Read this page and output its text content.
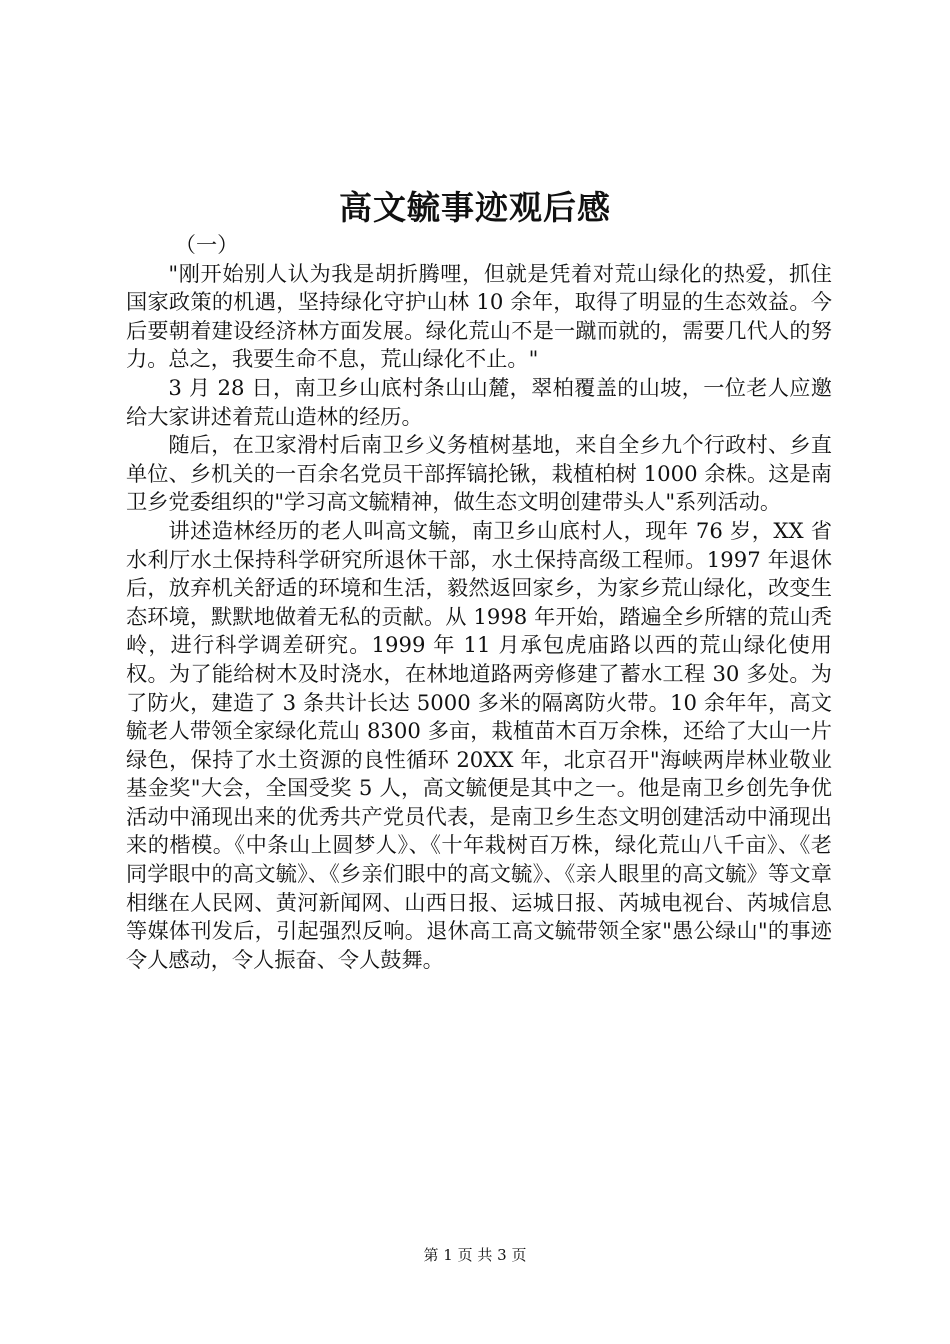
高文毓事迹观后感
（一）

"刚开始别人认为我是胡折腾哩，但就是凭着对荒山绿化的热爱，抓住国家政策的机遇，坚持绿化守护山林 10 余年，取得了明显的生态效益。今后要朝着建设经济林方面发展。绿化荒山不是一蹴而就的，需要几代人的努力。总之，我要生命不息，荒山绿化不止。"

3 月 28 日，南卫乡山底村条山山麓，翠柏覆盖的山坡，一位老人应邀给大家讲述着荒山造林的经历。

随后，在卫家滑村后南卫乡义务植树基地，来自全乡九个行政村、乡直单位、乡机关的一百余名党员干部挥镐抡锹，栽植柏树 1000 余株。这是南卫乡党委组织的"学习高文毓精神，做生态文明创建带头人"系列活动。

讲述造林经历的老人叫高文毓，南卫乡山底村人，现年 76 岁，XX 省水利厅水土保持科学研究所退休干部，水土保持高级工程师。1997 年退休后，放弃机关舒适的环境和生活，毅然返回家乡，为家乡荒山绿化，改变生态环境，默默地做着无私的贡献。从 1998 年开始，踏遍全乡所辖的荒山秃岭，进行科学调差研究。1999 年 11 月承包虎庙路以西的荒山绿化使用权。为了能给树木及时浇水，在林地道路两旁修建了蓄水工程 30 多处。为了防火，建造了 3 条共计长达 5000 多米的隔离防火带。10 余年年，高文毓老人带领全家绿化荒山 8300 多亩，栽植苗木百万余株，还给了大山一片绿色，保持了水土资源的良性循环 20XX 年，北京召开"海峡两岸林业敬业基金奖"大会，全国受奖 5 人，高文毓便是其中之一。他是南卫乡创先争优活动中涌现出来的优秀共产党员代表，是南卫乡生态文明创建活动中涌现出来的楷模。《中条山上圆梦人》、《十年栽树百万株，绿化荒山八千亩》、《老同学眼中的高文毓》、《乡亲们眼中的高文毓》、《亲人眼里的高文毓》等文章相继在人民网、黄河新闻网、山西日报、运城日报、芮城电视台、芮城信息等媒体刊发后，引起强烈反响。退休高工高文毓带领全家"愚公绿山"的事迹令人感动，令人振奋、令人鼓舞。

第 1 页 共 3 页
